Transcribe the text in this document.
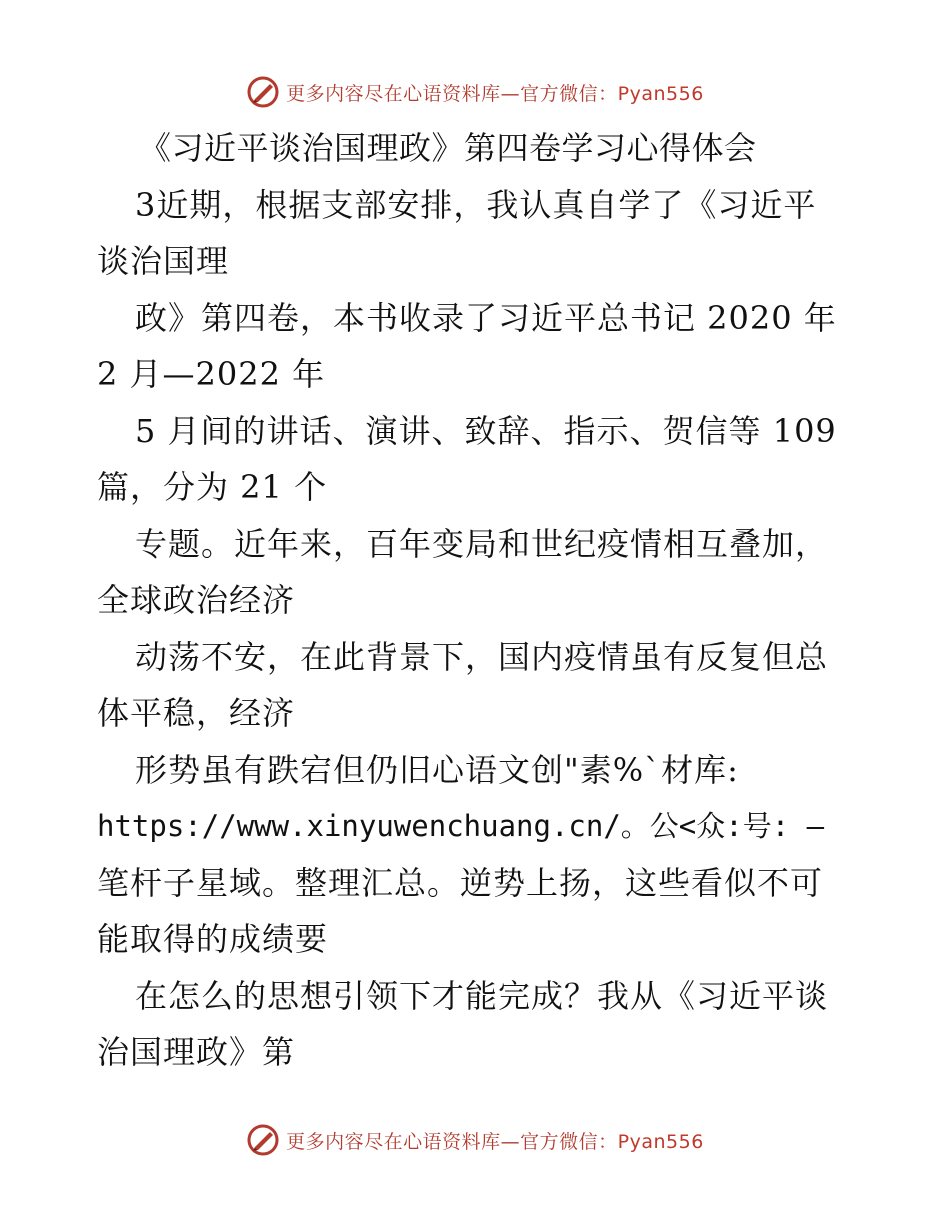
更多内容尽在心语资料库—官方微信：Pyan556
《习近平谈治国理政》第四卷学习心得体会
3近期，根据支部安排，我认真自学了《习近平
谈治国理
政》第四卷，本书收录了习近平总书记 2020 年
2 月—2022 年
5 月间的讲话、演讲、致辞、指示、贺信等 109
篇，分为 21 个
专题。近年来，百年变局和世纪疫情相互叠加，
全球政治经济
动荡不安，在此背景下，国内疫情虽有反复但总
体平稳，经济
形势虽有跌宕但仍旧心语文创"素%`材库:
https://www.xinyuwenchuang.cn/。公<众:号: —
笔杆子星域。整理汇总。逆势上扬，这些看似不可
能取得的成绩要
在怎么的思想引领下才能完成？我从《习近平谈
治国理政》第
更多内容尽在心语资料库—官方微信：Pyan556
